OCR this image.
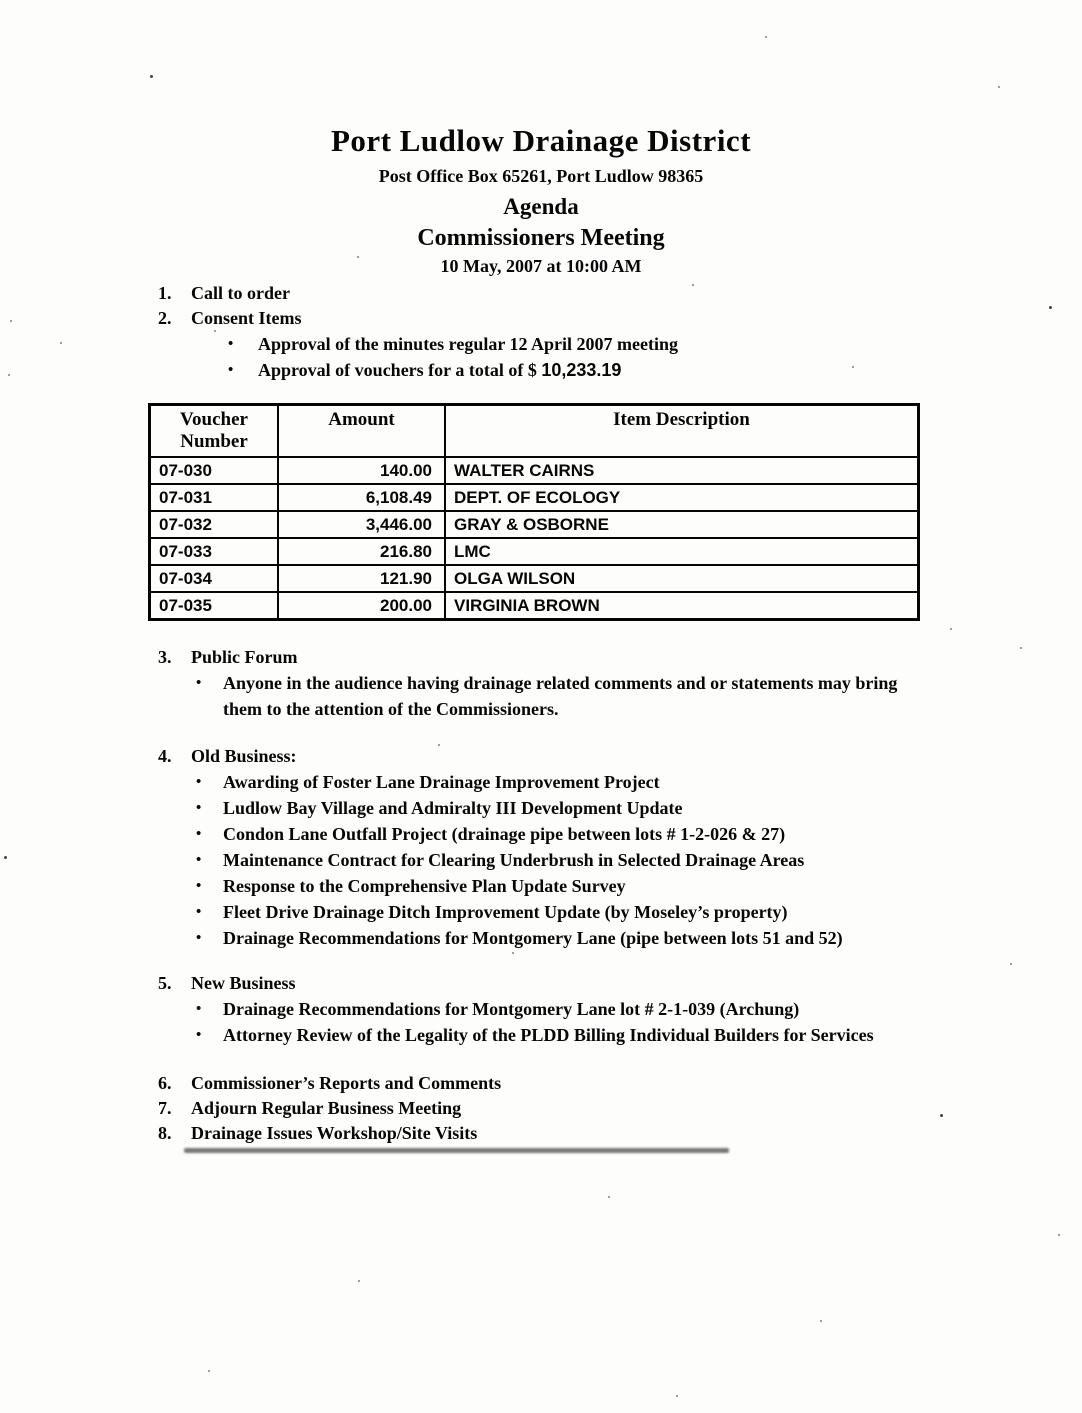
Port Ludlow Drainage District
Post Office Box 65261, Port Ludlow 98365
Agenda
Commissioners Meeting
10 May, 2007 at 10:00 AM
1.	Call to order
2.	Consent Items
•	Approval of the minutes regular 12 April 2007 meeting
•	Approval of vouchers for a total of $ 10,233.19
Voucher Number	Amount	Item Description
07-030	140.00	WALTER CAIRNS
07-031	6,108.49	DEPT. OF ECOLOGY
07-032	3,446.00	GRAY & OSBORNE
07-033	216.80	LMC
07-034	121.90	OLGA WILSON
07-035	200.00	VIRGINIA BROWN
3.	Public Forum
•	Anyone in the audience having drainage related comments and or statements may bring them to the attention of the Commissioners.
4.	Old Business:
•	Awarding of Foster Lane Drainage Improvement Project
•	Ludlow Bay Village and Admiralty III Development Update
•	Condon Lane Outfall Project (drainage pipe between lots # 1-2-026 & 27)
•	Maintenance Contract for Clearing Underbrush in Selected Drainage Areas
•	Response to the Comprehensive Plan Update Survey
•	Fleet Drive Drainage Ditch Improvement Update (by Moseley’s property)
•	Drainage Recommendations for Montgomery Lane (pipe between lots 51 and 52)
5.	New Business
•	Drainage Recommendations for Montgomery Lane lot # 2-1-039 (Archung)
•	Attorney Review of the Legality of the PLDD Billing Individual Builders for Services
6.	Commissioner’s Reports and Comments
7.	Adjourn Regular Business Meeting
8.	Drainage Issues Workshop/Site Visits
